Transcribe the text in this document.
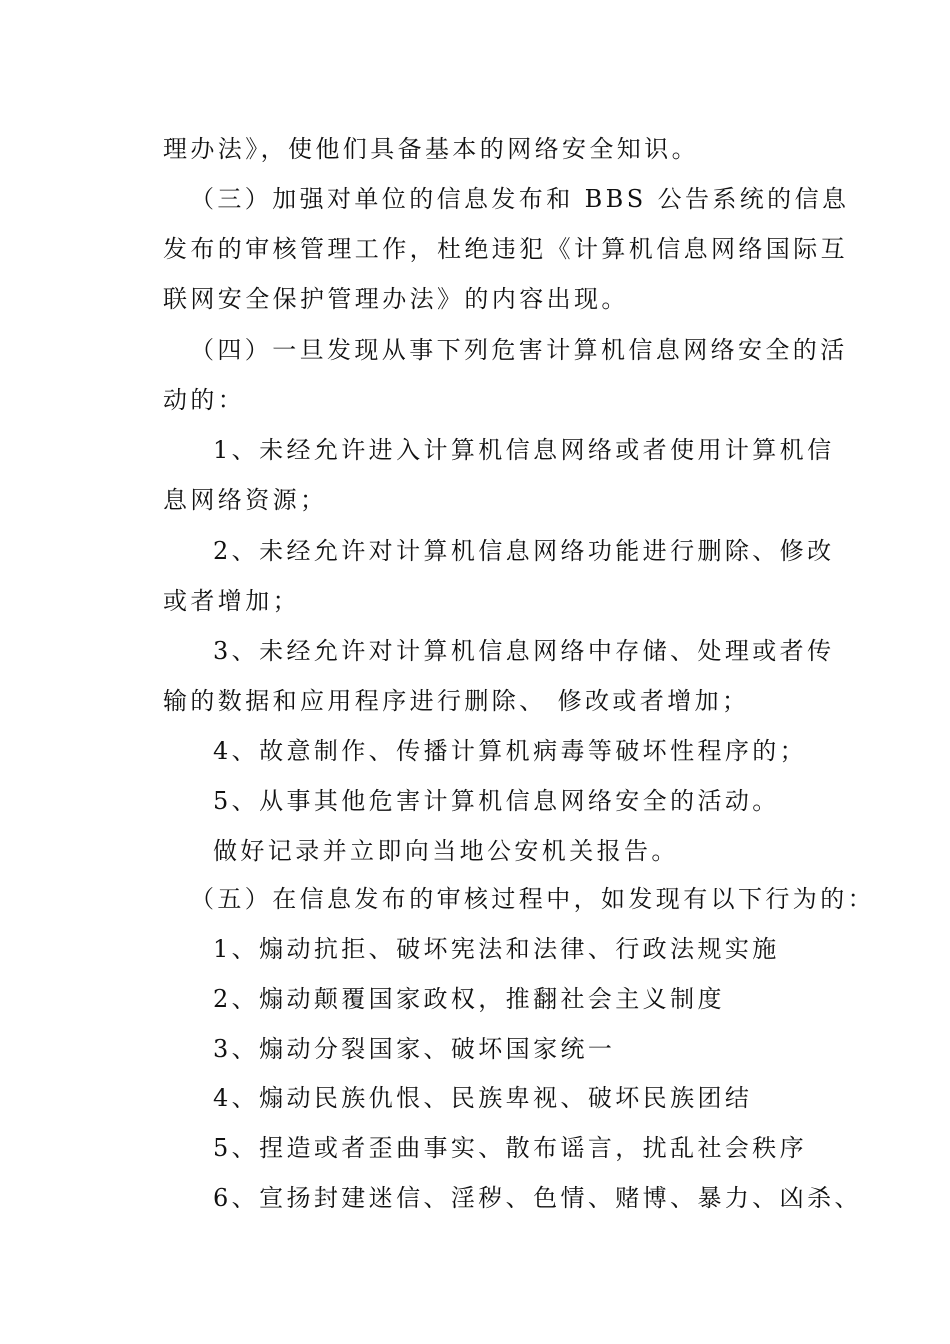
理办法》，使他们具备基本的网络安全知识。
（三）加强对单位的信息发布和 BBS 公告系统的信息
发布的审核管理工作，杜绝违犯《计算机信息网络国际互
联网安全保护管理办法》的内容出现。
（四）一旦发现从事下列危害计算机信息网络安全的活
动的：
1、未经允许进入计算机信息网络或者使用计算机信
息网络资源；
2、未经允许对计算机信息网络功能进行删除、修改
或者增加；
3、未经允许对计算机信息网络中存储、处理或者传
输的数据和应用程序进行删除、 修改或者增加；
4、故意制作、传播计算机病毒等破坏性程序的；
5、从事其他危害计算机信息网络安全的活动。
做好记录并立即向当地公安机关报告。
（五）在信息发布的审核过程中，如发现有以下行为的：
1、煽动抗拒、破坏宪法和法律、行政法规实施
2、煽动颠覆国家政权，推翻社会主义制度
3、煽动分裂国家、破坏国家统一
4、煽动民族仇恨、民族卑视、破坏民族团结
5、捏造或者歪曲事实、散布谣言，扰乱社会秩序
6、宣扬封建迷信、淫秽、色情、赌博、暴力、凶杀、
